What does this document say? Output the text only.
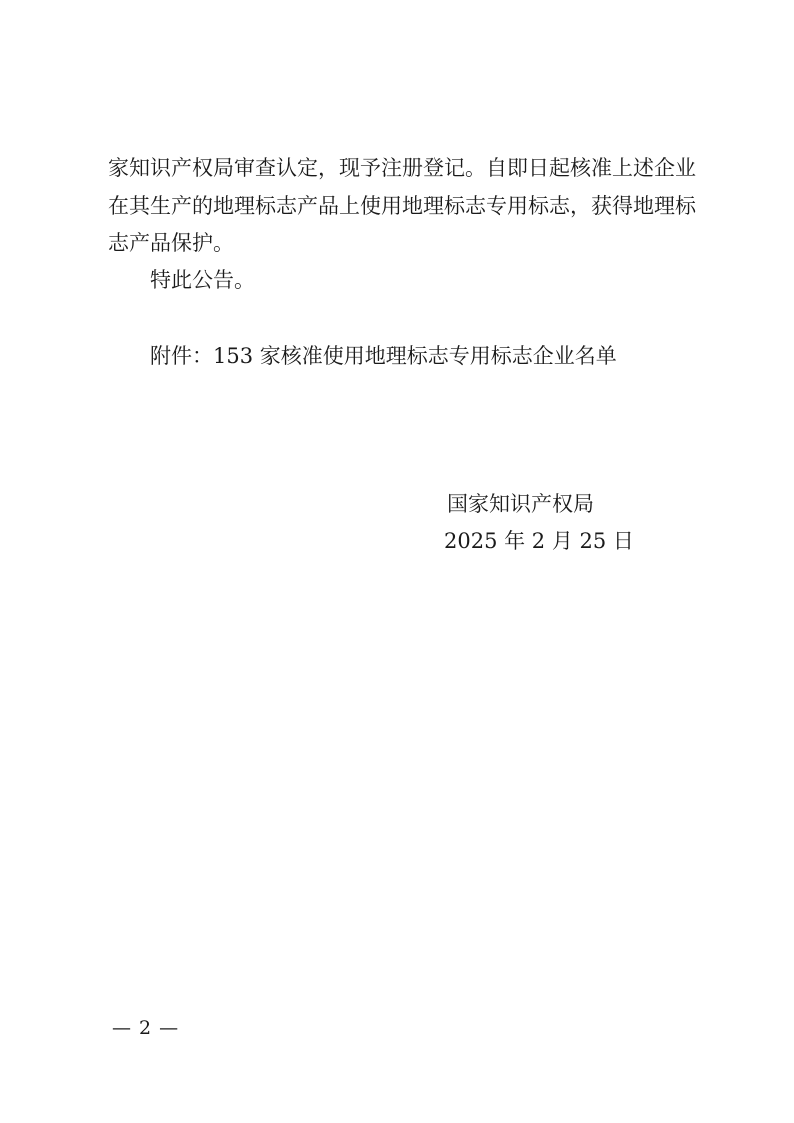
家知识产权局审查认定，现予注册登记。自即日起核准上述企业
在其生产的地理标志产品上使用地理标志专用标志，获得地理标
志产品保护。
特此公告。
附件：153 家核准使用地理标志专用标志企业名单
国家知识产权局
2025 年 2 月 25 日
— 2 —
